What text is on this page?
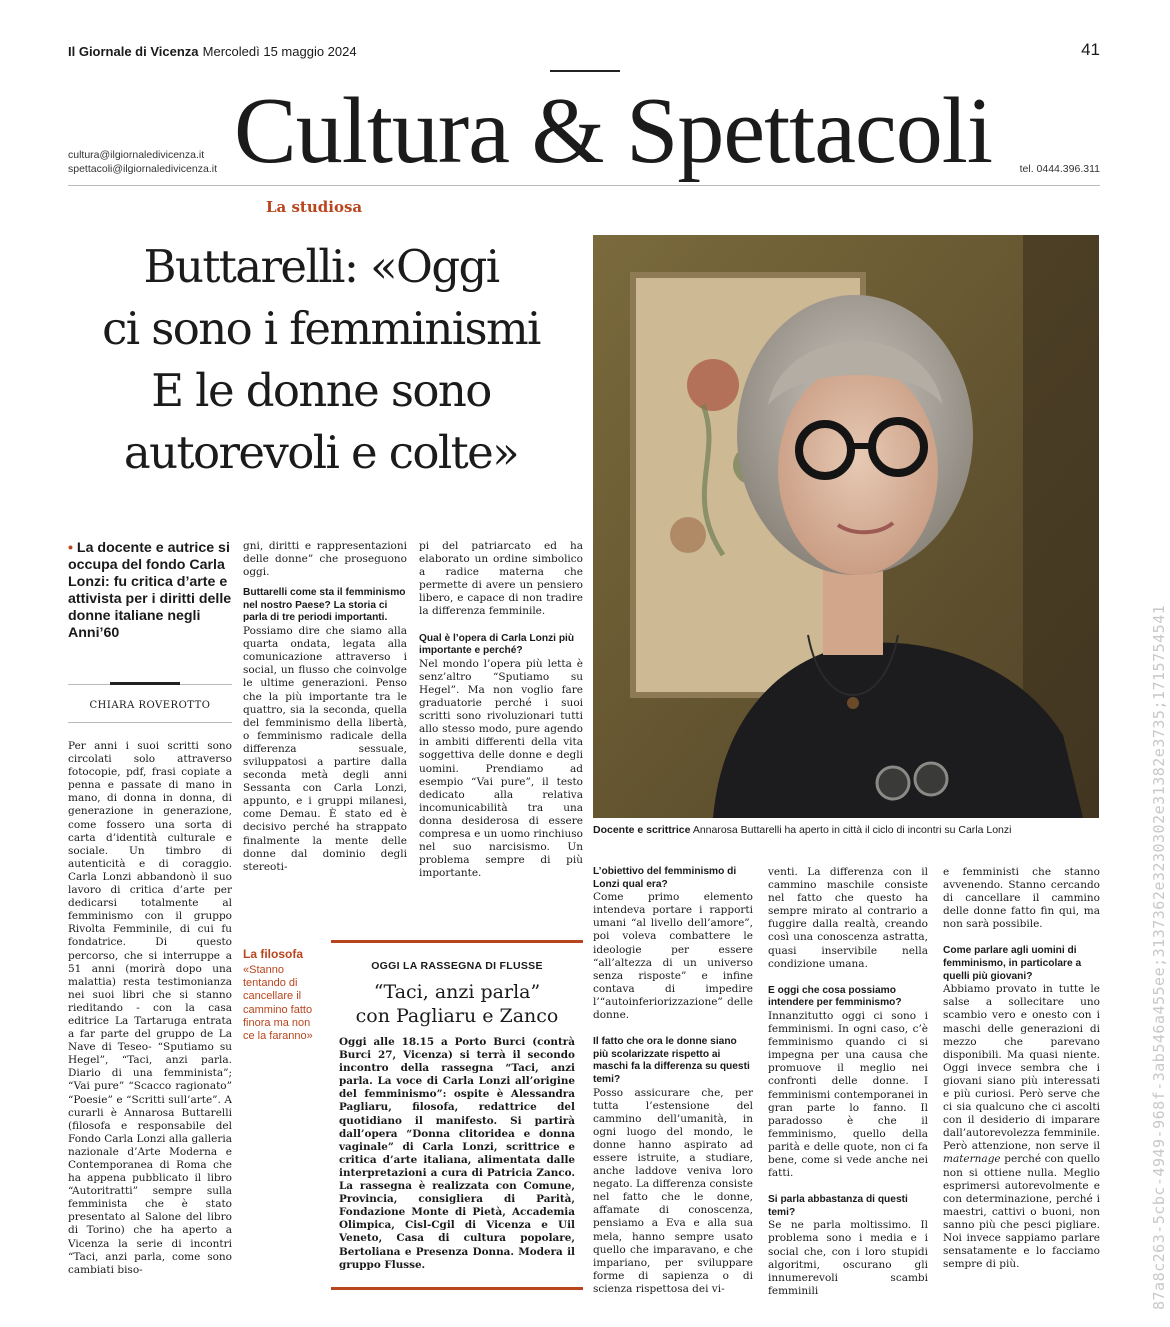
Il Giornale di Vicenza Mercoledì 15 maggio 2024	41
cultura@ilgiornaledivicenza.it
spettacoli@ilgiornaledivicenza.it Cultura & Spettacoli	tel. 0444.396.311
La studiosa
Buttarelli: «Oggi
ci sono i femminismi
E le donne sono
autorevoli e colte»
Docente e scrittrice Annarosa Buttarelli ha aperto in città il ciclo di incontri su Carla Lonzi
• La docente e autrice si occupa del fondo Carla Lonzi: fu critica d’arte e attivista per i diritti delle donne italiane negli Anni’60
CHIARA ROVEROTTO

Per anni i suoi scritti sono circolati solo attraverso fotocopie, pdf, frasi copiate a penna e passate di mano in mano, di donna in donna, di generazione in generazione, come fossero una sorta di carta d’identità culturale e sociale. Un timbro di autenticità e di coraggio. Carla Lonzi abbandonò il suo lavoro di critica d’arte per dedicarsi totalmente al femminismo con il gruppo Rivolta Femminile, di cui fu fondatrice. Di questo percorso, che si interruppe a 51 anni (morirà dopo una malattia) resta testimonianza nei suoi libri che si stanno rieditando - con la casa editrice La Tartaruga entrata a far parte del gruppo de La Nave di Teseo- “Sputiamo su Hegel”, “Taci, anzi parla. Diario di una femminista”; “Vai pure” “Scacco ragionato” “Poesie” e “Scritti sull’arte”. A curarli è Annarosa Buttarelli (filosofa e responsabile del Fondo Carla Lonzi alla galleria nazionale d’Arte Moderna e Contemporanea di Roma che ha appena pubblicato il libro “Autoritratti” sempre sulla femminista che è stato presentato al Salone del libro di Torino) che ha aperto a Vicenza la serie di incontri “Taci, anzi parla, come sono cambiati biso-

gni, diritti e rappresentazioni delle donne” che proseguono oggi.

Buttarelli come sta il femminismo nel nostro Paese? La storia ci parla di tre periodi importanti.

Possiamo dire che siamo alla quarta ondata, legata alla comunicazione attraverso i social, un flusso che coinvolge le ultime generazioni. Penso che la più importante tra le quattro, sia la seconda, quella del femminismo della libertà, o femminismo radicale della differenza sessuale, sviluppatosi a partire dalla seconda metà degli anni Sessanta con Carla Lonzi, appunto, e i gruppi milanesi, come Demau. È stato ed è decisivo perché ha strappato finalmente la mente delle donne dal dominio degli stereoti-

pi del patriarcato ed ha elaborato un ordine simbolico a radice materna che permette di avere un pensiero libero, e capace di non tradire la differenza femminile.

Qual è l’opera di Carla Lonzi più importante e perché?

Nel mondo l’opera più letta è senz’altro “Sputiamo su Hegel”. Ma non voglio fare graduatorie perché i suoi scritti sono rivoluzionari tutti allo stesso modo, pure agendo in ambiti differenti della vita soggettiva delle donne e degli uomini. Prendiamo ad esempio “Vai pure”, il testo dedicato alla relativa incomunicabilità tra una donna desiderosa di essere compresa e un uomo rinchiuso nel suo narcisismo. Un problema sempre di più importante.

La filosofa
«Stanno tentando di cancellare il cammino fatto finora ma non ce la faranno»
OGGI LA RASSEGNA DI FLUSSE
“Taci, anzi parla”
con Pagliaru e Zanco
Oggi alle 18.15 a Porto Burci (contrà Burci 27, Vicenza) si terrà il secondo incontro della rassegna “Taci, anzi parla. La voce di Carla Lonzi all’origine del femminismo”: ospite è Alessandra Pagliaru, filosofa, redattrice del quotidiano il manifesto. Si partirà dall’opera “Donna clitoridea e donna vaginale” di Carla Lonzi, scrittrice e critica d’arte italiana, alimentata dalle interpretazioni a cura di Patricia Zanco. La rassegna è realizzata con Comune, Provincia, consigliera di Parità, Fondazione Monte di Pietà, Accademia Olimpica, Cisl-Cgil di Vicenza e Uil Veneto, Casa di cultura popolare, Bertoliana e Presenza Donna. Modera il gruppo Flusse.

L’obiettivo del femminismo di Lonzi qual era?

Come primo elemento intendeva portare i rapporti umani “al livello dell’amore”, poi voleva combattere le ideologie per essere “all’altezza di un universo senza risposte” e infine contava di impedire l’“autoinferiorizzazione” delle donne.

Il fatto che ora le donne siano più scolarizzate rispetto ai maschi fa la differenza su questi temi?

Posso assicurare che, per tutta l’estensione del cammino dell’umanità, in ogni luogo del mondo, le donne hanno aspirato ad essere istruite, a studiare, anche laddove veniva loro negato. La differenza consiste nel fatto che le donne, affamate di conoscenza, pensiamo a Eva e alla sua mela, hanno sempre usato quello che imparavano, e che impariano, per sviluppare forme di sapienza o di scienza rispettosa dei vi-

venti. La differenza con il cammino maschile consiste nel fatto che questo ha sempre mirato al contrario a fuggire dalla realtà, creando così una conoscenza astratta, quasi inservibile nella condizione umana.

E oggi che cosa possiamo intendere per femminismo?

Innanzitutto oggi ci sono i femminismi. In ogni caso, c’è femminismo quando ci si impegna per una causa che promuove il meglio nei confronti delle donne. I femminismi contemporanei in gran parte lo fanno. Il paradosso è che il femminismo, quello della parità e delle quote, non ci fa bene, come si vede anche nei fatti.

Si parla abbastanza di questi temi?

Se ne parla moltissimo. Il problema sono i media e i social che, con i loro stupidi algoritmi, oscurano gli innumerevoli scambi femminili

e femministi che stanno avvenendo. Stanno cercando di cancellare il cammino delle donne fatto fin qui, ma non sarà possibile.

Come parlare agli uomini di femminismo, in particolare a quelli più giovani?

Abbiamo provato in tutte le salse a sollecitare uno scambio vero e onesto con i maschi delle generazioni di mezzo che parevano disponibili. Ma quasi niente. Oggi invece sembra che i giovani siano più interessati e più curiosi. Però serve che ci sia qualcuno che ci ascolti con il desiderio di imparare dall’autorevolezza femminile. Però attenzione, non serve il maternage perché con quello non si ottiene nulla. Meglio esprimersi autorevolmente e con determinazione, perché i maestri, cattivi o buoni, non sanno più che pesci pigliare. Noi invece sappiamo parlare sensatamente e lo facciamo sempre di più.	87a8c263-5cbc-4949-968f-3ab546a455ee;3137362e3230302e31382e3735;1715754541
